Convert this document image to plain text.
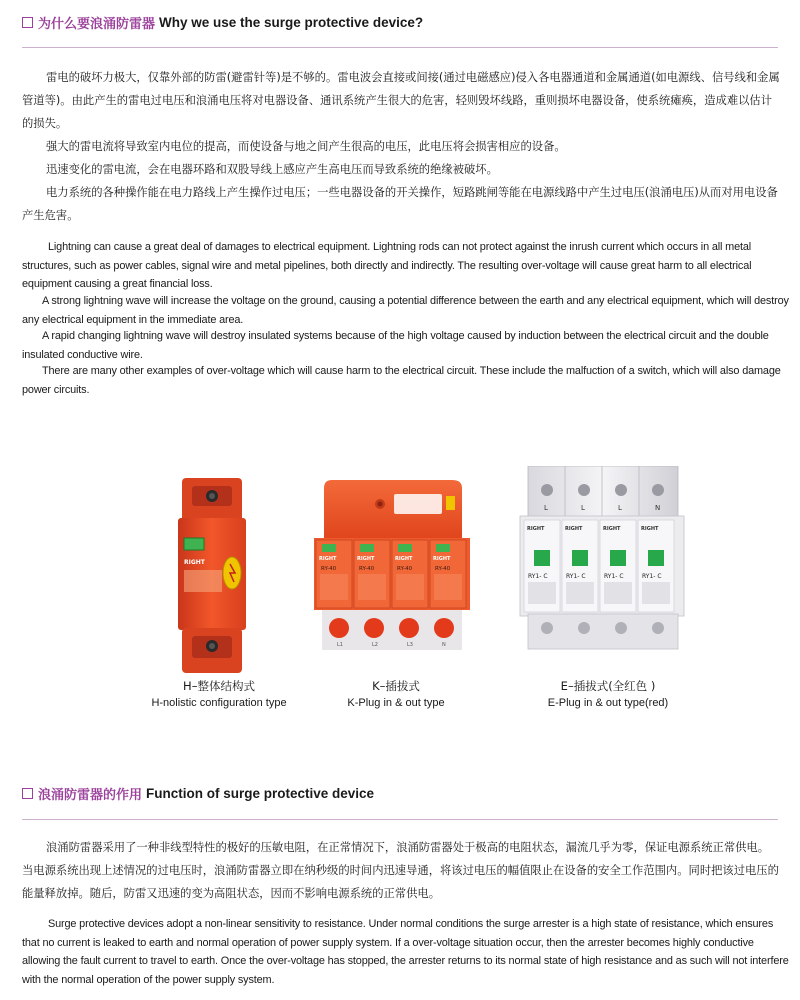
为什么要浪涌防雷器 Why we use the surge protective device?

雷电的破坏力极大，仅靠外部的防雷(避雷针等)是不够的。雷电波会直接或间接(通过电磁感应)侵入各电器通道和金属通道(如电源线、信号线和金属管道等)。由此产生的雷电过电压和浪涌电压将对电器设备、通讯系统产生很大的危害，轻则毁坏线路，重则损坏电器设备，使系统瘫痪，造成难以估计的损失。

强大的雷电流将导致室内电位的提高，而使设备与地之间产生很高的电压，此电压将会损害相应的设备。

迅速变化的雷电流，会在电器环路和双股导线上感应产生高电压而导致系统的绝缘被破坏。

电力系统的各种操作能在电力路线上产生操作过电压；一些电器设备的开关操作，短路跳闸等能在电源线路中产生过电压(浪涌电压)从而对用电设备产生危害。

Lightning can cause a great deal of damages to electrical equipment. Lightning rods can not protect against the inrush current which occurs in all metal structures, such as power cables, signal wire and metal pipelines, both directly and indirectly. The resulting over-voltage will cause great harm to all electrical equipment causing a great financial loss.

A strong lightning wave will increase the voltage on the ground, causing a potential difference between the earth and any electrical equipment, which will destroy any electrical equipment in the immediate area.

A rapid changing lightning wave will destroy insulated systems because of the high voltage caused by induction between the electrical circuit and the double insulated conductive wire.

There are many other examples of over-voltage which will cause harm to the electrical circuit. These include the malfuction of a switch, which will also damage power circuits.

RIGHT	RIGHT	RIGHT	RIGHT	RIGHT
RY-40	RY-40	RY-40	RY-40
L1	L2	L3	N
L	L	L	N
RIGHT	RIGHT	RIGHT	RIGHT
RY1- C	RY1- C	RY1- C	RY1- C
H–整体结构式
H-nolistic configuration type
K–插拔式
K-Plug in & out type
E–插拔式(全红色 )
E-Plug in & out type(red)
浪涌防雷器的作用 Function of surge protective device

浪涌防雷器采用了一种非线型特性的极好的压敏电阻，在正常情况下，浪涌防雷器处于极高的电阻状态，漏流几乎为零，保证电源系统正常供电。当电源系统出现上述情况的过电压时，浪涌防雷器立即在纳秒级的时间内迅速导通，将该过电压的幅值限止在设备的安全工作范围内。同时把该过电压的能量释放掉。随后，防雷又迅速的变为高阻状态，因而不影响电源系统的正常供电。

Surge protective devices adopt a non-linear sensitivity to resistance. Under normal conditions the surge arrester is a high state of resistance, which ensures that no current is leaked to earth and normal operation of power supply system. If a over-voltage situation occur, then the arrester becomes highly conductive allowing the fault current to travel to earth. Once the over-voltage has stopped, the arrester returns to its normal state of high resistance and as such will not interfere with the normal operation of the power supply system.
